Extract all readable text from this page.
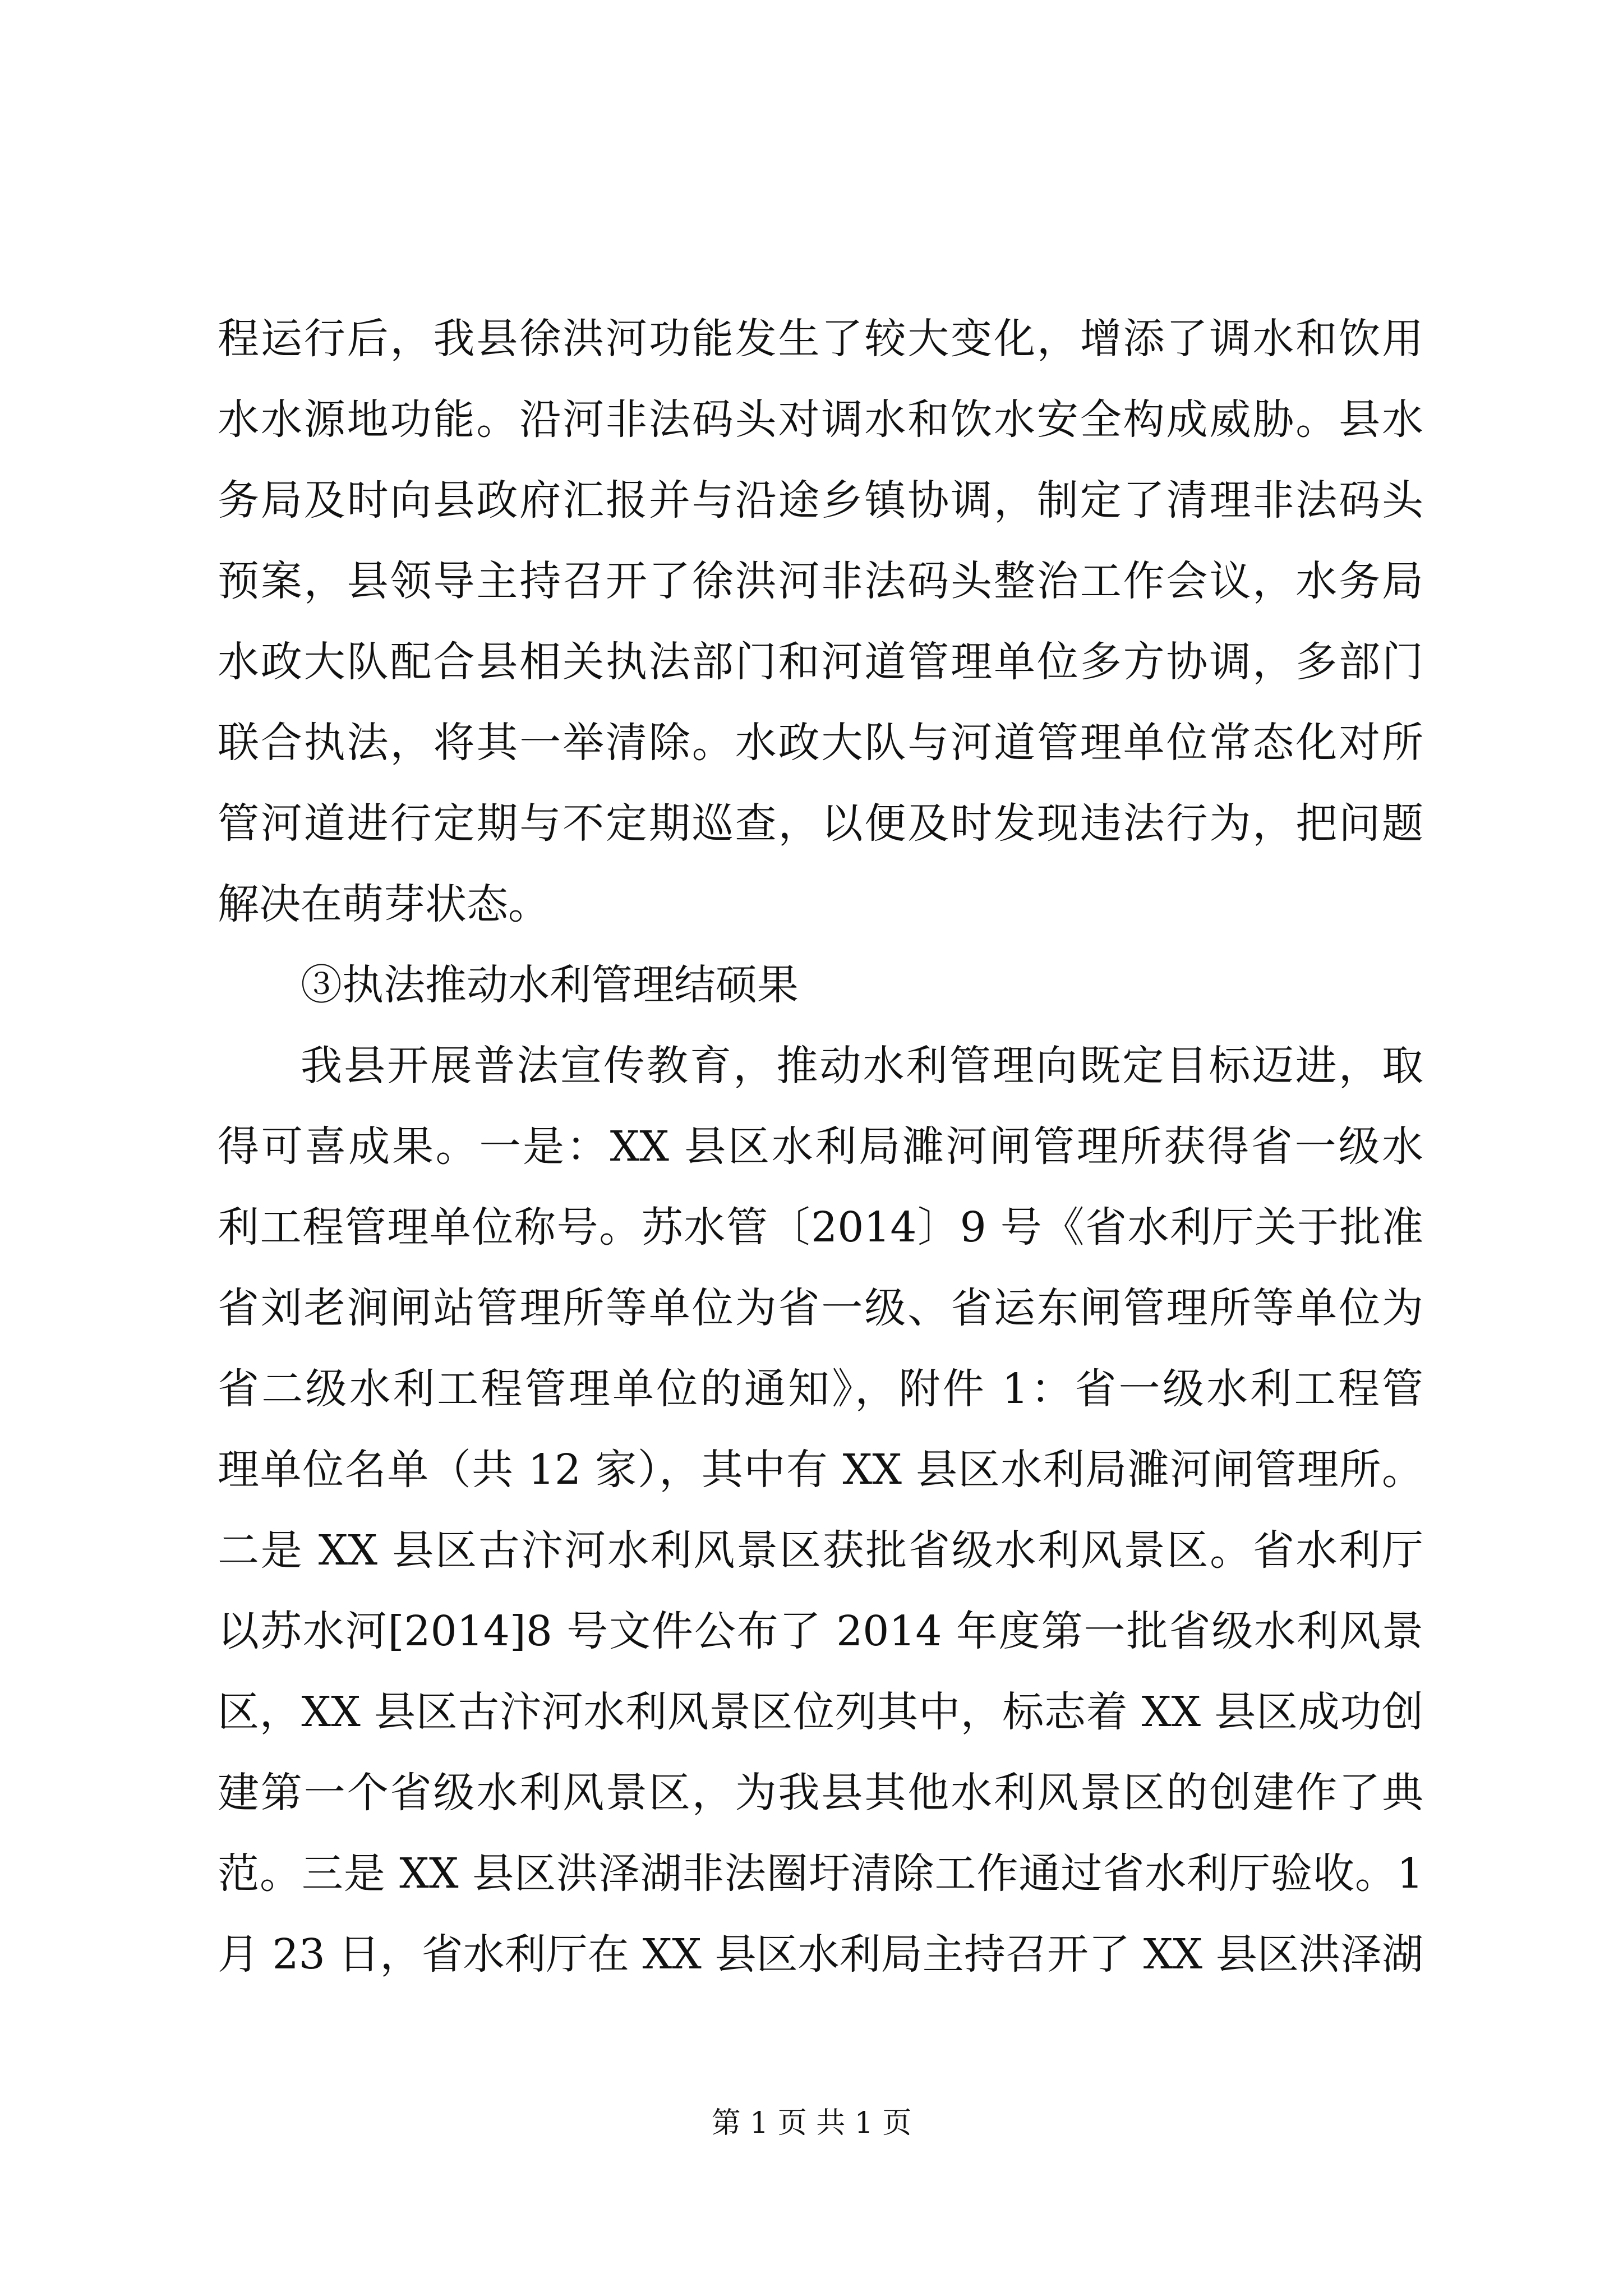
程运行后，我县徐洪河功能发生了较大变化，增添了调水和饮用
水水源地功能。沿河非法码头对调水和饮水安全构成威胁。县水
务局及时向县政府汇报并与沿途乡镇协调，制定了清理非法码头
预案，县领导主持召开了徐洪河非法码头整治工作会议，水务局
水政大队配合县相关执法部门和河道管理单位多方协调，多部门
联合执法，将其一举清除。水政大队与河道管理单位常态化对所
管河道进行定期与不定期巡查，以便及时发现违法行为，把问题
解决在萌芽状态。
③执法推动水利管理结硕果
我县开展普法宣传教育，推动水利管理向既定目标迈进，取
得可喜成果。一是：XX 县区水利局濉河闸管理所获得省一级水
利工程管理单位称号。苏水管〔2014〕9 号《省水利厅关于批准
省刘老涧闸站管理所等单位为省一级、省运东闸管理所等单位为
省二级水利工程管理单位的通知》，附件 1：省一级水利工程管
理单位名单（共 12 家），其中有 XX 县区水利局濉河闸管理所。
二是 XX 县区古汴河水利风景区获批省级水利风景区。省水利厅
以苏水河[2014]8 号文件公布了 2014 年度第一批省级水利风景
区，XX 县区古汴河水利风景区位列其中，标志着 XX 县区成功创
建第一个省级水利风景区，为我县其他水利风景区的创建作了典
范。三是 XX 县区洪泽湖非法圈圩清除工作通过省水利厅验收。1
月 23 日，省水利厅在 XX 县区水利局主持召开了 XX 县区洪泽湖
第 1 页 共 1 页
